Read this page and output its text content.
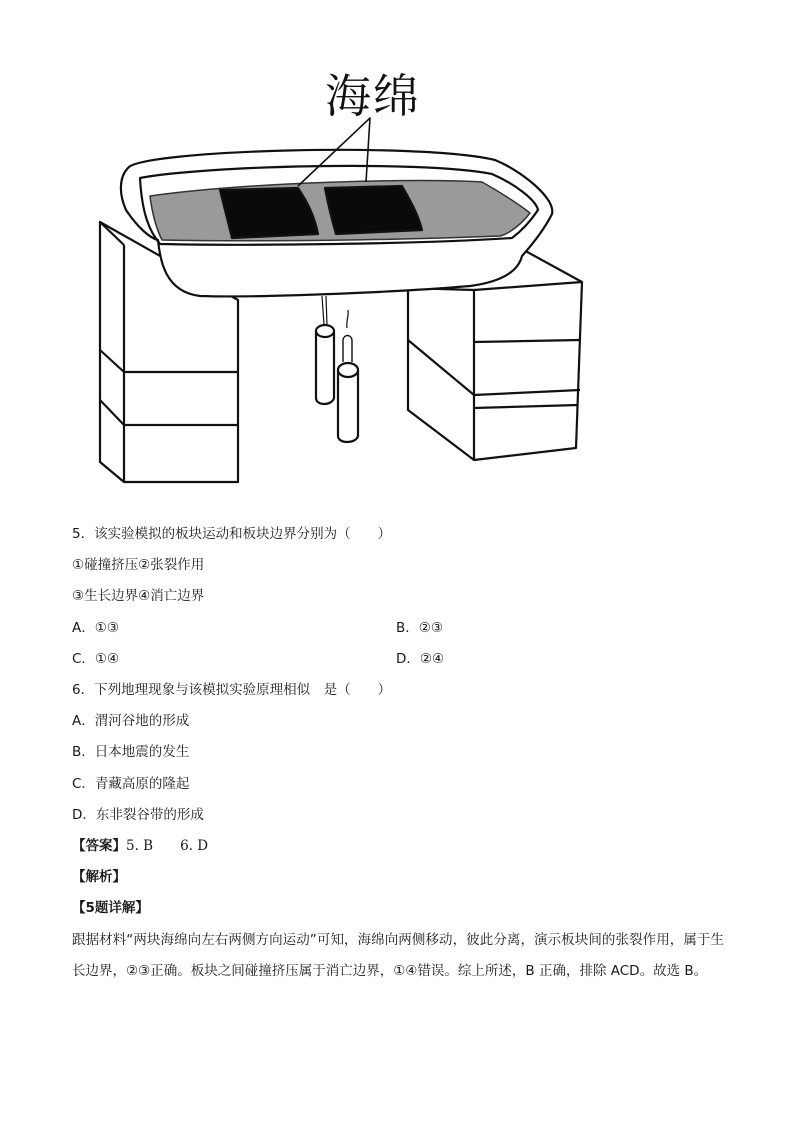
海绵
5．该实验模拟的板块运动和板块边界分别为（　　）
①碰撞挤压②张裂作用
③生长边界④消亡边界
A．①③	B．②③
C．①④	D．②④
6．下列地理现象与该模拟实验原理相似　是（　　）
A．渭河谷地的形成
B．日本地震的发生
C．青藏高原的隆起
D．东非裂谷带的形成
【答案】5. B　　6. D
【解析】
【5题详解】
跟据材料“两块海绵向左右两侧方向运动”可知，海绵向两侧移动，彼此分离，演示板块间的张裂作用，属于生长边界，②③正确。板块之间碰撞挤压属于消亡边界，①④错误。综上所述，B 正确，排除 ACD。故选 B。
